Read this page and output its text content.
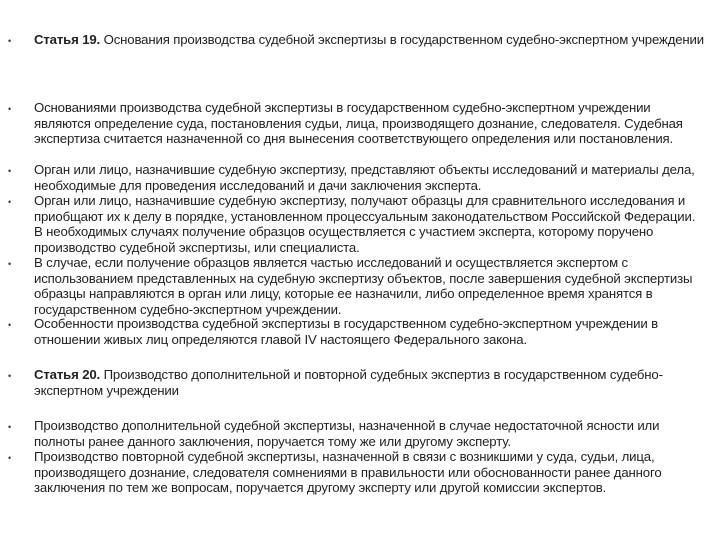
• Статья 19. Основания производства судебной экспертизы в государственном судебно-экспертном учреждении
• Основаниями производства судебной экспертизы в государственном судебно-экспертном учреждении являются определение суда, постановления судьи, лица, производящего дознание, следователя. Судебная экспертиза считается назначенной со дня вынесения соответствующего определения или постановления.
• Орган или лицо, назначившие судебную экспертизу, представляют объекты исследований и материалы дела, необходимые для проведения исследований и дачи заключения эксперта.
• Орган или лицо, назначившие судебную экспертизу, получают образцы для сравнительного исследования и приобщают их к делу в порядке, установленном процессуальным законодательством Российской Федерации. В необходимых случаях получение образцов осуществляется с участием эксперта, которому поручено производство судебной экспертизы, или специалиста.
• В случае, если получение образцов является частью исследований и осуществляется экспертом с использованием представленных на судебную экспертизу объектов, после завершения судебной экспертизы образцы направляются в орган или лицу, которые ее назначили, либо определенное время хранятся в государственном судебно-экспертном учреждении.
• Особенности производства судебной экспертизы в государственном судебно-экспертном учреждении в отношении живых лиц определяются главой IV настоящего Федерального закона.
• Статья 20. Производство дополнительной и повторной судебных экспертиз в государственном судебно-экспертном учреждении
• Производство дополнительной судебной экспертизы, назначенной в случае недостаточной ясности или полноты ранее данного заключения, поручается тому же или другому эксперту.
• Производство повторной судебной экспертизы, назначенной в связи с возникшими у суда, судьи, лица, производящего дознание, следователя сомнениями в правильности или обоснованности ранее данного заключения по тем же вопросам, поручается другому эксперту или другой комиссии экспертов.
